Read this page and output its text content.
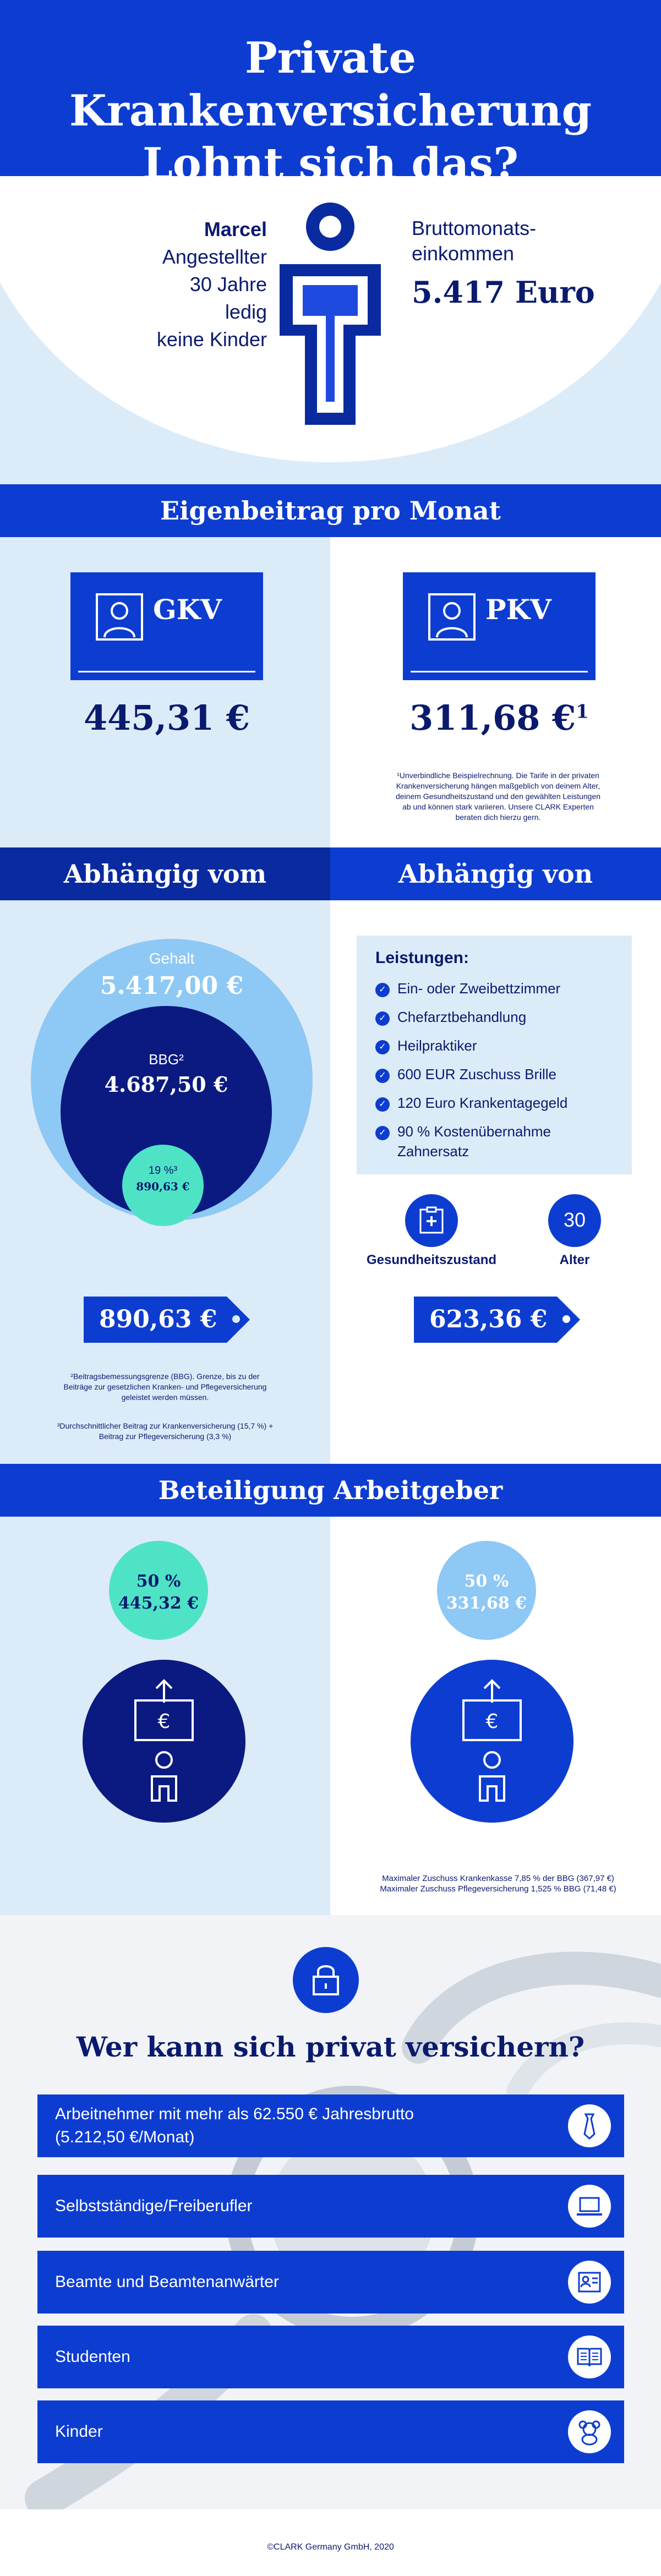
Private Krankenversicherung
Lohnt sich das?
Marcel
Angestellter
30 Jahre
ledig
keine Kinder
Bruttomonats-
einkommen
5.417 Euro
Eigenbeitrag pro Monat
GKV	PKV
445,31 €	311,68 €$^1$
¹Unverbindliche Beispielrechnung. Die Tarife in der privaten
Krankenversicherung hängen maßgeblich von deinem Alter,
deinem Gesundheitszustand und den gewählten Leistungen
ab und können stark variieren. Unsere CLARK Experten
beraten dich hierzu gern.
Abhängig vom	Abhängig von
Gehalt
5.417,00 €
BBG²
4.687,50 €
19 %³
890,63 €
Leistungen:
✓ Ein- oder Zweibettzimmer
✓ Chefarztbehandlung
✓ Heilpraktiker
✓ 600 EUR Zuschuss Brille
✓ 120 Euro Krankentagegeld
✓ 90 % Kostenübernahme
Zahnersatz
Gesundheitszustand
30
Alter
890,63 €	623,36 €
²Beitragsbemessungsgrenze (BBG). Grenze, bis zu der
Beiträge zur gesetzlichen Kranken- und Pflegeversicherung
geleistet werden müssen.
³Durchschnittlicher Beitrag zur Krankenversicherung (15,7 %) +
Beitrag zur Pflegeversicherung (3,3 %)
Beteiligung Arbeitgeber
50 %
445,32 €
50 %
331,68 €
€	€
Maximaler Zuschuss Krankenkasse 7,85 % der BBG (367,97 €)
Maximaler Zuschuss Pflegeversicherung 1,525 % BBG (71,48 €)
Wer kann sich privat versichern?
Arbeitnehmer mit mehr als 62.550 € Jahresbrutto
(5.212,50 €/Monat)
Selbstständige/Freiberufler
Beamte und Beamtenanwärter
Studenten
Kinder
©CLARK Germany GmbH, 2020
